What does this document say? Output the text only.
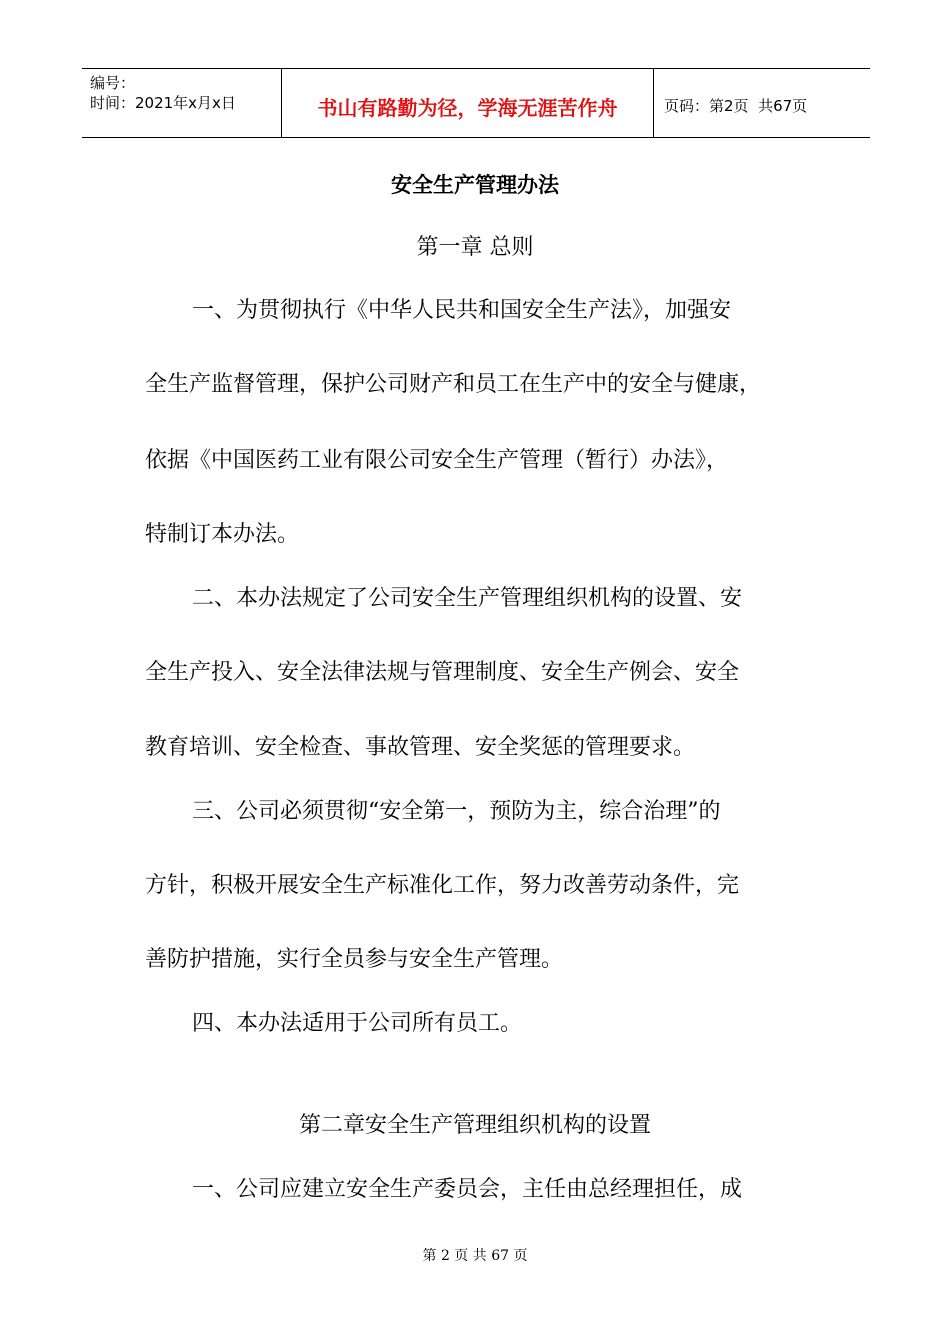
编号：
时间：2021年x月x日	书山有路勤为径，学海无涯苦作舟	页码：第2页  共67页
安全生产管理办法
第一章 总则
一、为贯彻执行《中华人民共和国安全生产法》，加强安
全生产监督管理，保护公司财产和员工在生产中的安全与健康，
依据《中国医药工业有限公司安全生产管理（暂行）办法》，
特制订本办法。
二、本办法规定了公司安全生产管理组织机构的设置、安
全生产投入、安全法律法规与管理制度、安全生产例会、安全
教育培训、安全检查、事故管理、安全奖惩的管理要求。
三、公司必须贯彻“安全第一，预防为主，综合治理”的
方针，积极开展安全生产标准化工作，努力改善劳动条件，完
善防护措施，实行全员参与安全生产管理。
四、本办法适用于公司所有员工。
第二章安全生产管理组织机构的设置
一、公司应建立安全生产委员会，主任由总经理担任，成
第 2 页 共 67 页
